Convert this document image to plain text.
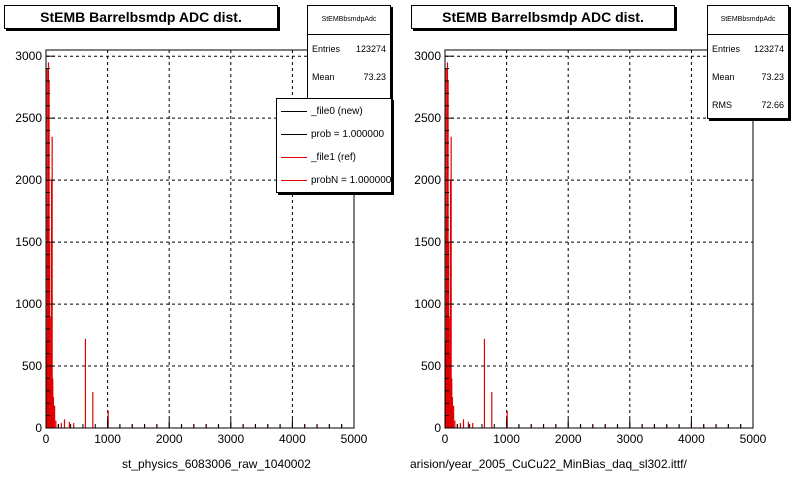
0	1000	2000	3000	4000	5000
0
500
1000
1500
2000
2500
3000
0	1000	2000	3000	4000	5000
0
500
1000
1500
2000
2500
3000
StEMB Barrelbsmdp ADC dist.	StEMBbsmdpAdc
Entries 123274
Mean	73.23
_file0 (new)
prob = 1.000000
_file1 (ref)
probN = 1.000000
st_physics_6083006_raw_1040002
StEMB Barrelbsmdp ADC dist.	StEMBbsmdpAdc
Entries 123274
Mean	73.23
RMS	72.66
arision/year_2005_CuCu22_MinBias_daq_sl302.ittf/
